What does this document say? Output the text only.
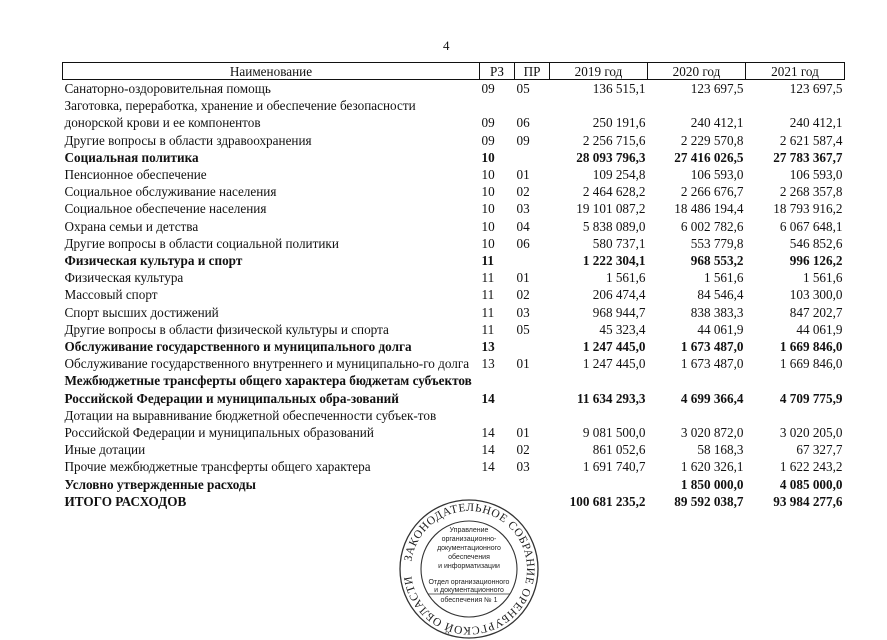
4
Наименование	РЗ	ПР	2019 год	2020 год	2021 год
Санаторно-оздоровительная помощь	09	05	136 515,1	123 697,5	123 697,5
Заготовка, переработка, хранение и обеспечение безопасности донорской крови и ее компонентов	09	06	250 191,6	240 412,1	240 412,1
Другие вопросы в области здравоохранения	09	09	2 256 715,6	2 229 570,8	2 621 587,4
Социальная политика	10		28 093 796,3	27 416 026,5	27 783 367,7
Пенсионное обеспечение	10	01	109 254,8	106 593,0	106 593,0
Социальное обслуживание населения	10	02	2 464 628,2	2 266 676,7	2 268 357,8
Социальное обеспечение населения	10	03	19 101 087,2	18 486 194,4	18 793 916,2
Охрана семьи и детства	10	04	5 838 089,0	6 002 782,6	6 067 648,1
Другие вопросы в области социальной политики	10	06	580 737,1	553 779,8	546 852,6
Физическая культура и спорт	11		1 222 304,1	968 553,2	996 126,2
Физическая культура	11	01	1 561,6	1 561,6	1 561,6
Массовый спорт	11	02	206 474,4	84 546,4	103 300,0
Спорт высших достижений	11	03	968 944,7	838 383,3	847 202,7
Другие вопросы в области физической культуры и спорта	11	05	45 323,4	44 061,9	44 061,9
Обслуживание государственного и муниципального долга	13		1 247 445,0	1 673 487,0	1 669 846,0
Обслуживание государственного внутреннего и муниципально-го долга	13	01	1 247 445,0	1 673 487,0	1 669 846,0
Межбюджетные трансферты общего характера бюджетам субъектов Российской Федерации и муниципальных обра-зований	14		11 634 293,3	4 699 366,4	4 709 775,9
Дотации на выравнивание бюджетной обеспеченности субъек-тов Российской Федерации и муниципальных образований	14	01	9 081 500,0	3 020 872,0	3 020 205,0
Иные дотации	14	02	861 052,6	58 168,3	67 327,7
Прочие межбюджетные трансферты общего характера	14	03	1 691 740,7	1 620 326,1	1 622 243,2
Условно утвержденные расходы				1 850 000,0	4 085 000,0
ИТОГО РАСХОДОВ			100 681 235,2	89 592 038,7	93 984 277,6
ЗАКОНОДАТЕЛЬНОЕ СОБРАНИЕ ОРЕНБУРГСКОЙ ОБЛАСТИ
Управление
организационно-
документационного
обеспечения
и информатизации
Отдел организационного
и документационного
обеспечения № 1
